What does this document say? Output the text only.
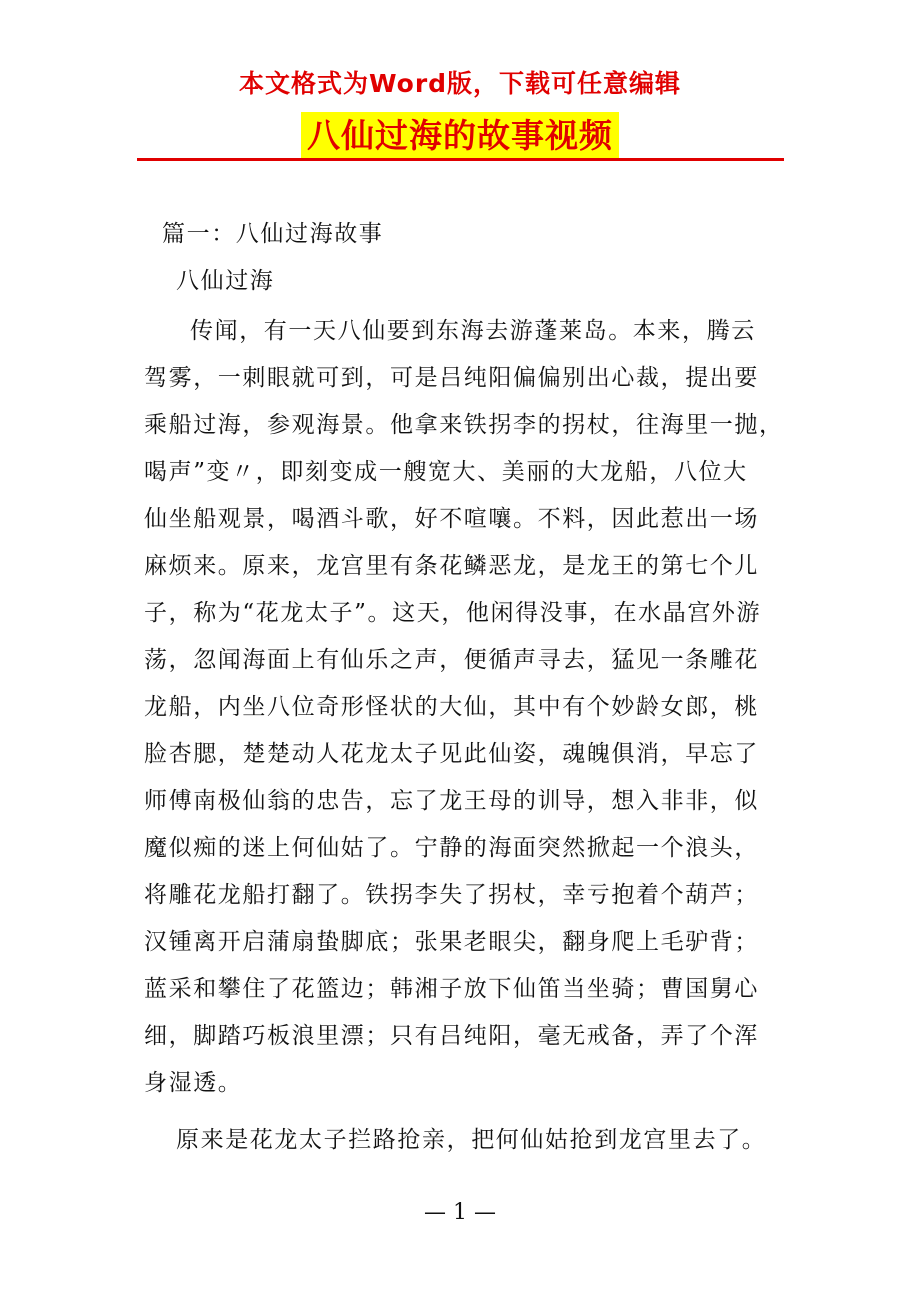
本文格式为Word版，下载可任意编辑
八仙过海的故事视频
篇一：八仙过海故事
八仙过海
传闻，有一天八仙要到东海去游蓬莱岛。本来，腾云
驾雾，一刺眼就可到，可是吕纯阳偏偏别出心裁，提出要
乘船过海，参观海景。他拿来铁拐李的拐杖，往海里一抛，
喝声”变〃，即刻变成一艘宽大、美丽的大龙船，八位大
仙坐船观景，喝酒斗歌，好不喧嚷。不料，因此惹出一场
麻烦来。原来，龙宫里有条花鳞恶龙，是龙王的第七个儿
子，称为“花龙太子”。这天，他闲得没事，在水晶宫外游
荡，忽闻海面上有仙乐之声，便循声寻去，猛见一条雕花
龙船，内坐八位奇形怪状的大仙，其中有个妙龄女郎，桃
脸杏腮，楚楚动人花龙太子见此仙姿，魂魄俱消，早忘了
师傅南极仙翁的忠告，忘了龙王母的训导，想入非非，似
魔似痴的迷上何仙姑了。宁静的海面突然掀起一个浪头，
将雕花龙船打翻了。铁拐李失了拐杖，幸亏抱着个葫芦；
汉锺离开启蒲扇蛰脚底；张果老眼尖，翻身爬上毛驴背；
蓝采和攀住了花篮边；韩湘子放下仙笛当坐骑；曹国舅心
细，脚踏巧板浪里漂；只有吕纯阳，毫无戒备，弄了个浑
身湿透。
原来是花龙太子拦路抢亲，把何仙姑抢到龙宫里去了。
— 1 —
